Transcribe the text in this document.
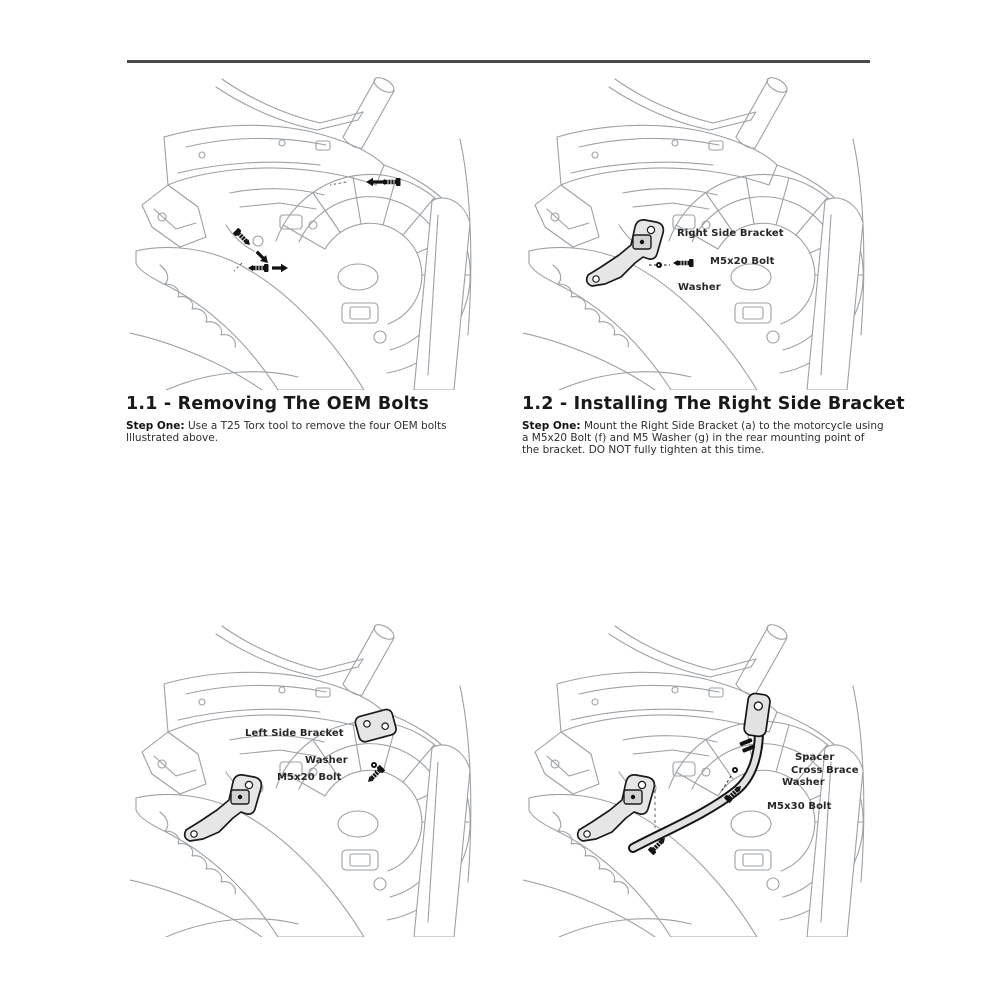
Right Side Bracket
M5x20 Bolt
Washer
1.1 - Removing The OEM Bolts

Step One: Use a T25 Torx tool to remove the four OEM bolts Illustrated above.

1.2 - Installing The Right Side Bracket

Step One: Mount the Right Side Bracket (a) to the motorcycle using a M5x20 Bolt (f) and M5 Washer (g) in the rear mounting point of the bracket. DO NOT fully tighten at this time.

Left Side Bracket
Washer
M5x20 Bolt
Spacer
Cross Brace
Washer
M5x30 Bolt
